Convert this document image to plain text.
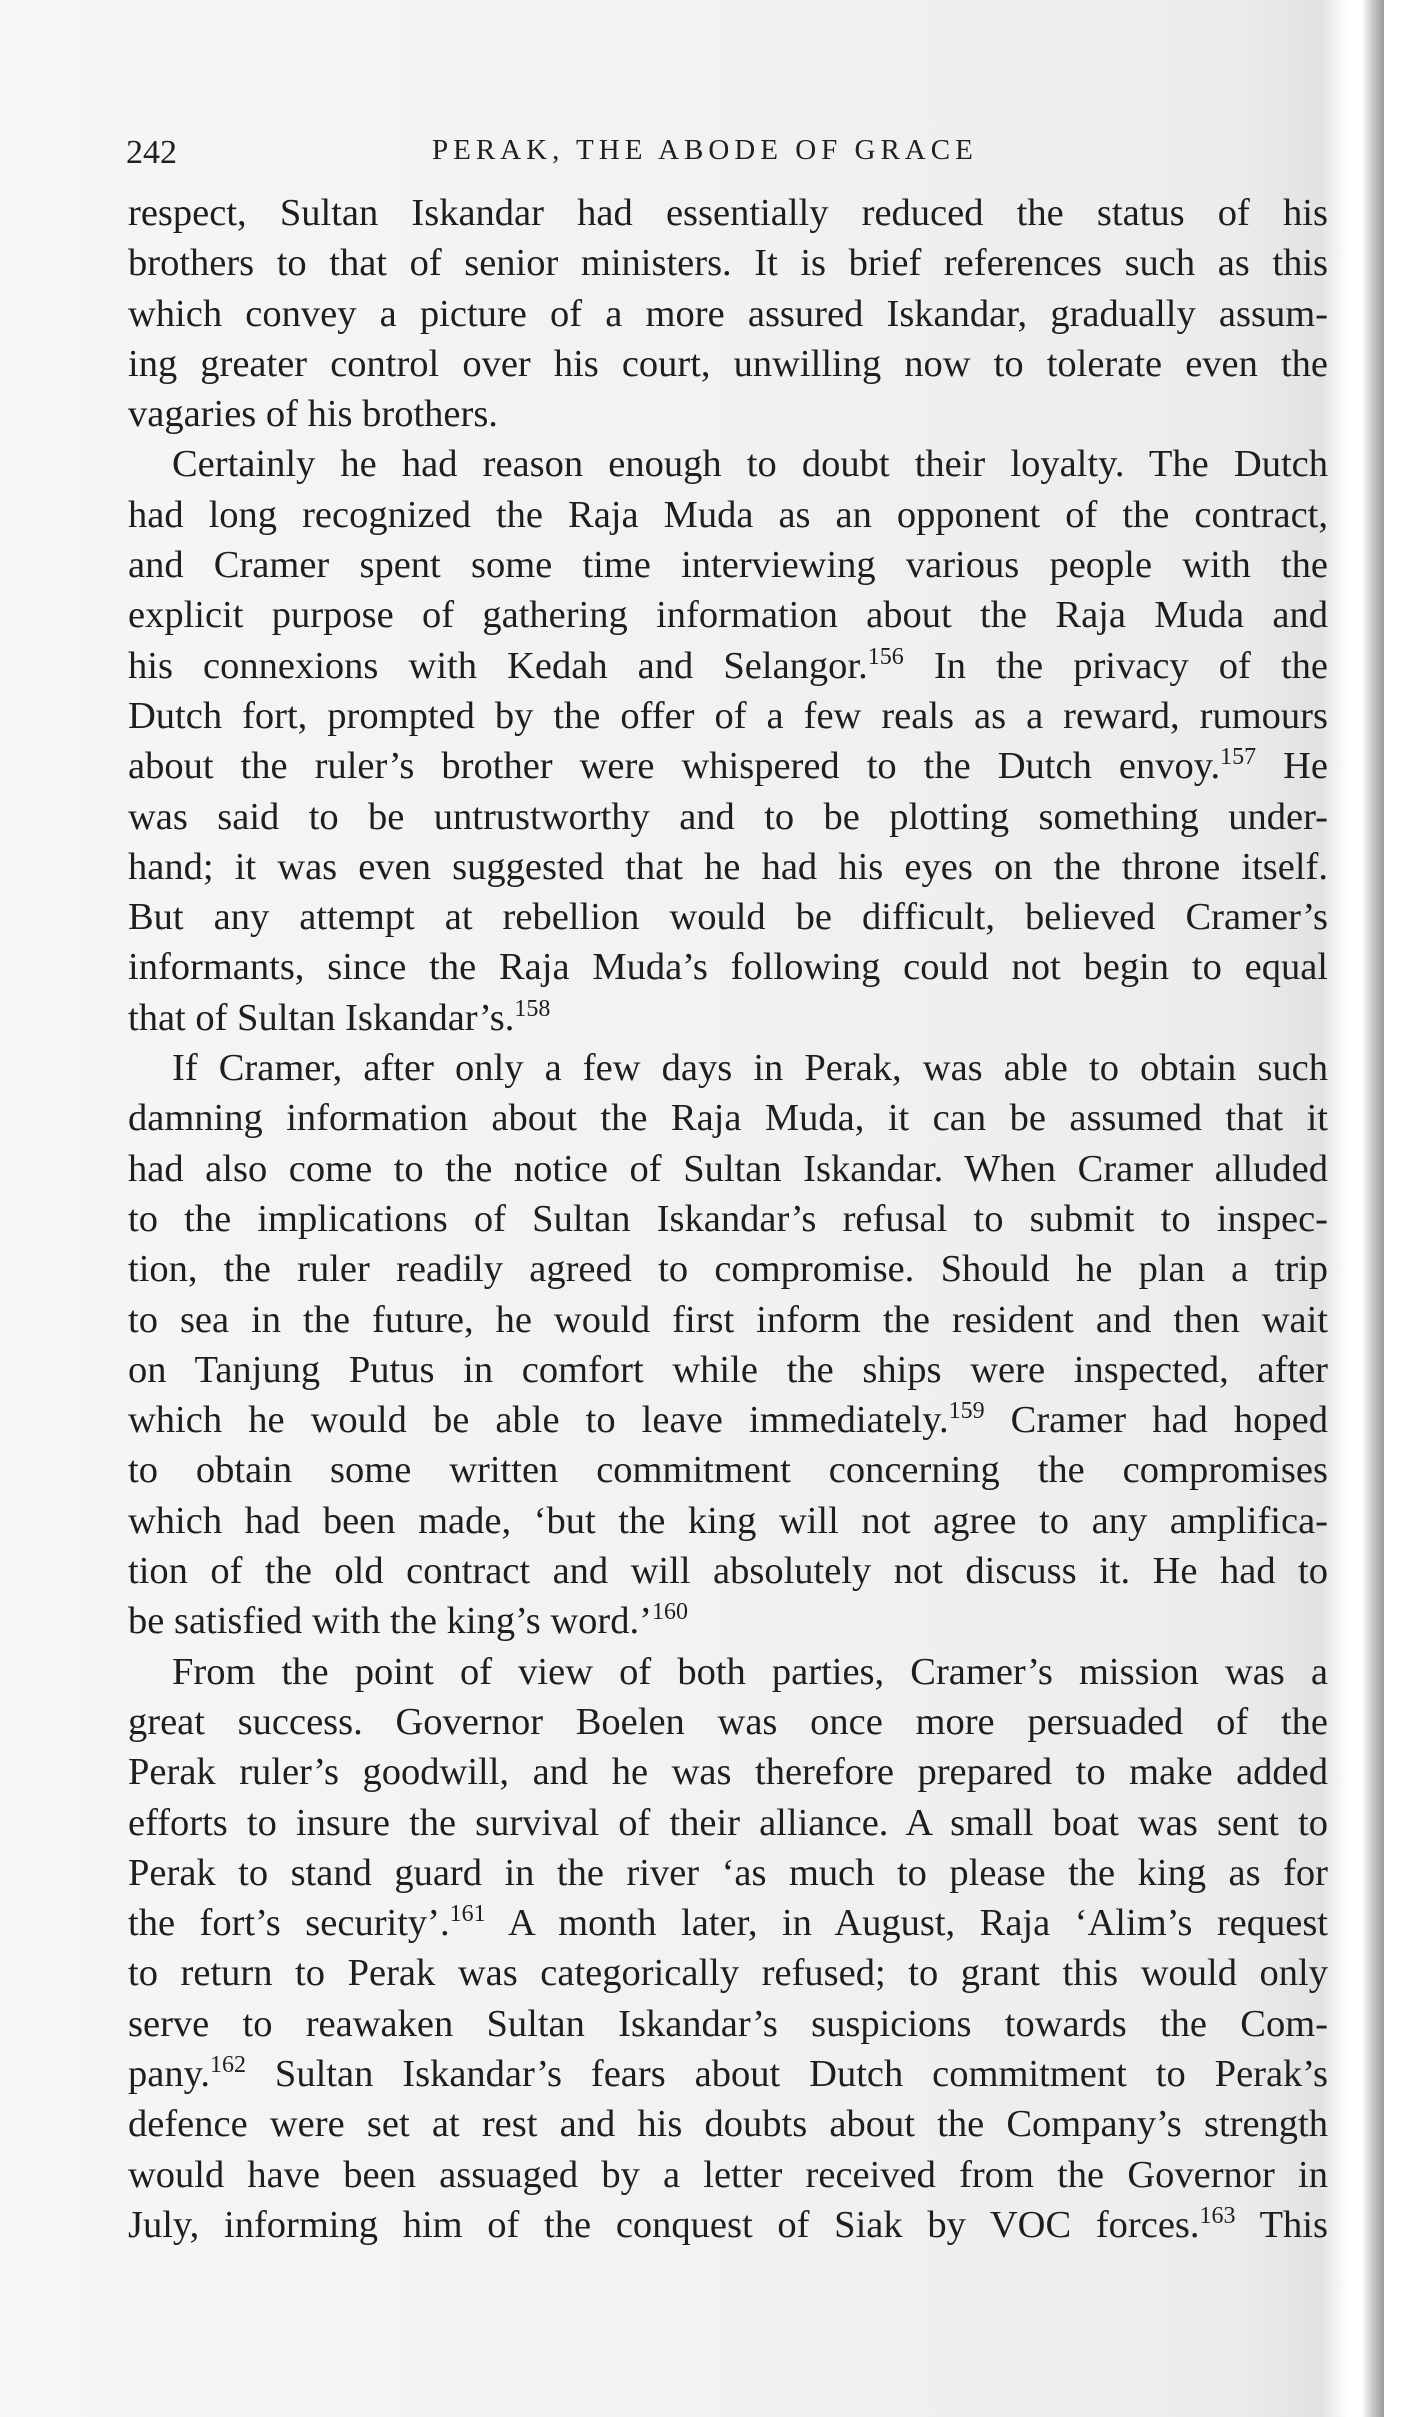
242	PERAK, THE ABODE OF GRACE
respect, Sultan Iskandar had essentially reduced the status of his
brothers to that of senior ministers. It is brief references such as this
which convey a picture of a more assured Iskandar, gradually assum-
ing greater control over his court, unwilling now to tolerate even the
vagaries of his brothers.
Certainly he had reason enough to doubt their loyalty. The Dutch
had long recognized the Raja Muda as an opponent of the contract,
and Cramer spent some time interviewing various people with the
explicit purpose of gathering information about the Raja Muda and
his connexions with Kedah and Selangor.$^{156}$ In the privacy of the
Dutch fort, prompted by the offer of a few reals as a reward, rumours
about the ruler’s brother were whispered to the Dutch envoy.$^{157}$ He
was said to be untrustworthy and to be plotting something under-
hand; it was even suggested that he had his eyes on the throne itself.
But any attempt at rebellion would be difficult, believed Cramer’s
informants, since the Raja Muda’s following could not begin to equal
that of Sultan Iskandar’s.$^{158}$
If Cramer, after only a few days in Perak, was able to obtain such
damning information about the Raja Muda, it can be assumed that it
had also come to the notice of Sultan Iskandar. When Cramer alluded
to the implications of Sultan Iskandar’s refusal to submit to inspec-
tion, the ruler readily agreed to compromise. Should he plan a trip
to sea in the future, he would first inform the resident and then wait
on Tanjung Putus in comfort while the ships were inspected, after
which he would be able to leave immediately.$^{159}$ Cramer had hoped
to obtain some written commitment concerning the compromises
which had been made, ‘but the king will not agree to any amplifica-
tion of the old contract and will absolutely not discuss it. He had to
be satisfied with the king’s word.’$^{160}$
From the point of view of both parties, Cramer’s mission was a
great success. Governor Boelen was once more persuaded of the
Perak ruler’s goodwill, and he was therefore prepared to make added
efforts to insure the survival of their alliance. A small boat was sent to
Perak to stand guard in the river ‘as much to please the king as for
the fort’s security’.$^{161}$ A month later, in August, Raja ‘Alim’s request
to return to Perak was categorically refused; to grant this would only
serve to reawaken Sultan Iskandar’s suspicions towards the Com-
pany.$^{162}$ Sultan Iskandar’s fears about Dutch commitment to Perak’s
defence were set at rest and his doubts about the Company’s strength
would have been assuaged by a letter received from the Governor in
July, informing him of the conquest of Siak by VOC forces.$^{163}$ This
